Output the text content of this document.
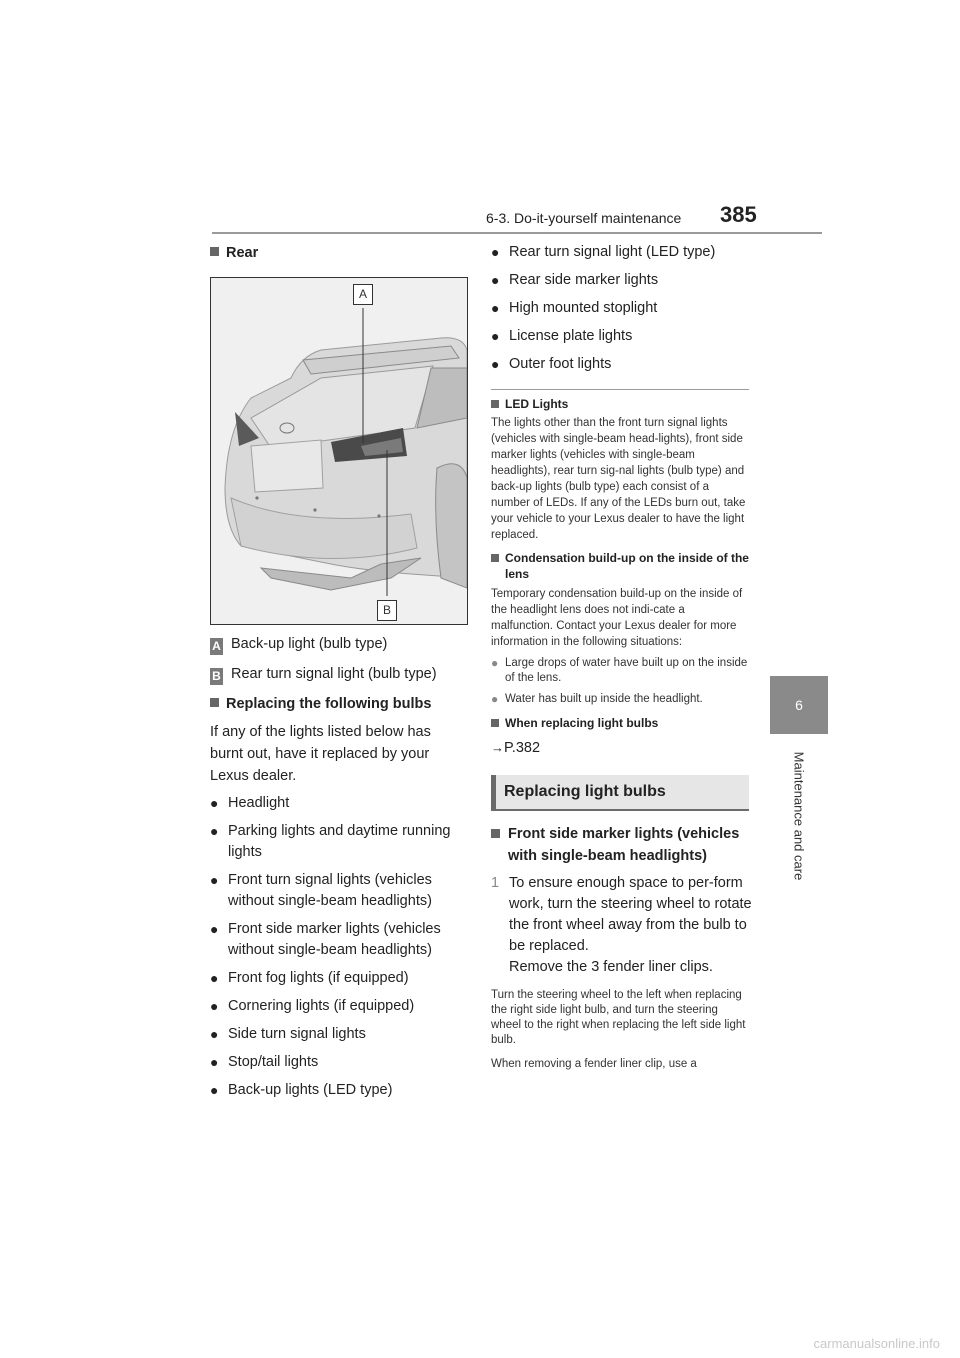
6-3. Do-it-yourself maintenance 385
6
Maintenance and care
Rear
A
B
A Back-up light (bulb type)
B Rear turn signal light (bulb type)
Replacing the following bulbs
If any of the lights listed below has burnt out, have it replaced by your Lexus dealer.
● Headlight
● Parking lights and daytime running lights
● Front turn signal lights (vehicles without single-beam headlights)
● Front side marker lights (vehicles without single-beam headlights)
● Front fog lights (if equipped)
● Cornering lights (if equipped)
● Side turn signal lights
● Stop/tail lights
● Back-up lights (LED type)
● Rear turn signal light (LED type)
● Rear side marker lights
● High mounted stoplight
● License plate lights
● Outer foot lights
LED Lights
The lights other than the front turn signal lights (vehicles with single-beam head-lights), front side marker lights (vehicles with single-beam headlights), rear turn sig-nal lights (bulb type) and back-up lights (bulb type) each consist of a number of LEDs. If any of the LEDs burn out, take your vehicle to your Lexus dealer to have the light replaced.
Condensation build-up on the inside of the lens
Temporary condensation build-up on the inside of the headlight lens does not indi-cate a malfunction. Contact your Lexus dealer for more information in the following situations:
● Large drops of water have built up on the inside of the lens.
● Water has built up inside the headlight.
When replacing light bulbs
→P.382
Replacing light bulbs
Front side marker lights (vehicles with single-beam headlights)
1 To ensure enough space to per-form work, turn the steering wheel to rotate the front wheel away from the bulb to be replaced.
Remove the 3 fender liner clips.
Turn the steering wheel to the left when replacing the right side light bulb, and turn the steering wheel to the right when replacing the left side light bulb.
When removing a fender liner clip, use a
carmanualsonline.info
